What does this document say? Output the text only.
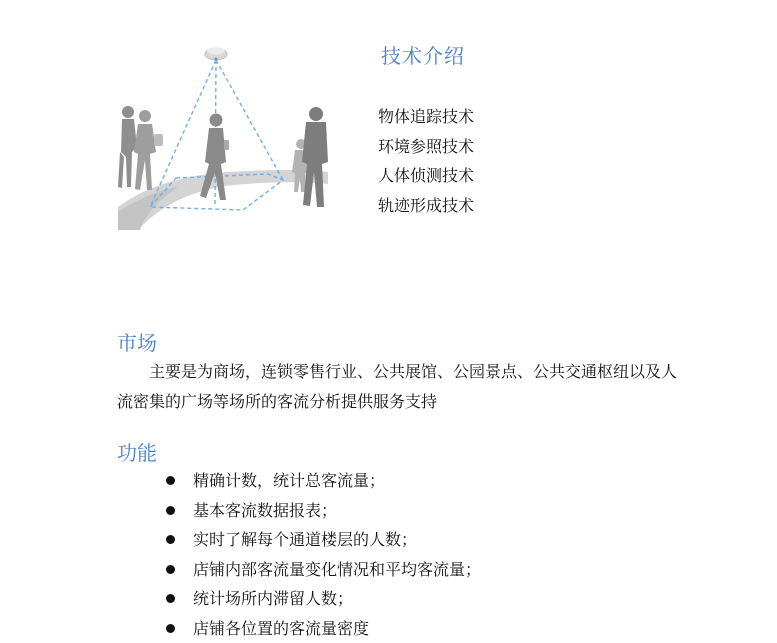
技术介绍
物体追踪技术
环境参照技术
人体侦测技术
轨迹形成技术
市场

主要是为商场，连锁零售行业、公共展馆、公园景点、公共交通枢纽以及人流密集的广场等场所的客流分析提供服务支持

功能
精确计数，统计总客流量；
基本客流数据报表；
实时了解每个通道楼层的人数；
店铺内部客流量变化情况和平均客流量；
统计场所内滞留人数；
店铺各位置的客流量密度
